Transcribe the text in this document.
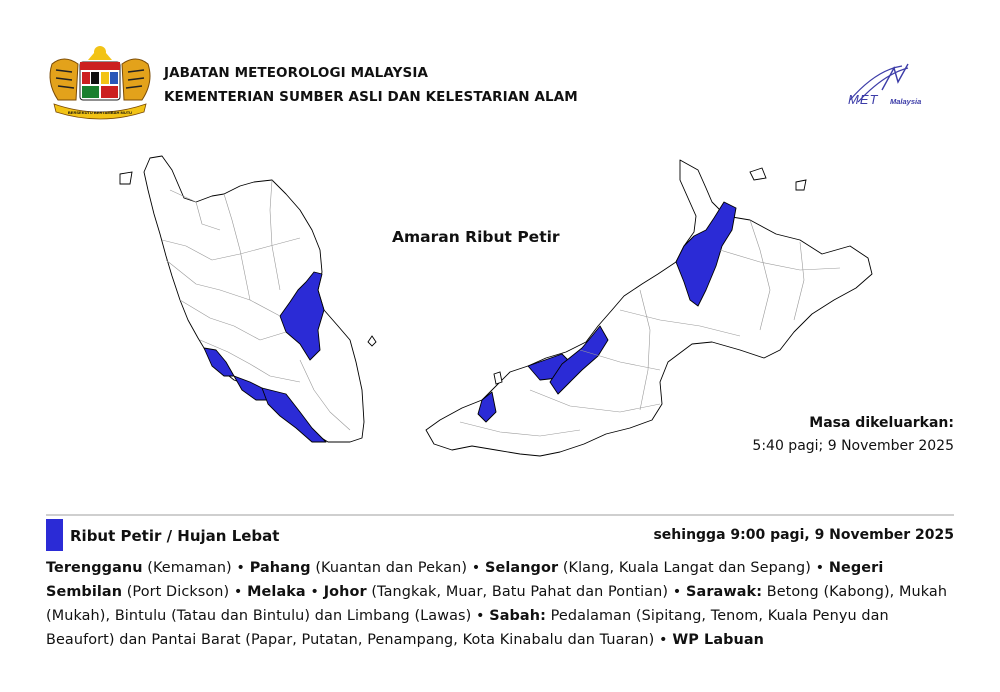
BERSEKUTU BERTAMBAH MUTU
JABATAN METEOROLOGI MALAYSIA
KEMENTERIAN SUMBER ASLI DAN KELESTARIAN ALAM	MET Malaysia
Amaran Ribut Petir
Masa dikeluarkan:
5:40 pagi; 9 November 2025
Ribut Petir / Hujan Lebat	sehingga 9:00 pagi, 9 November 2025
Terengganu (Kemaman) • Pahang (Kuantan dan Pekan) • Selangor (Klang, Kuala Langat dan Sepang) • Negeri Sembilan (Port Dickson) • Melaka • Johor (Tangkak, Muar, Batu Pahat dan Pontian) • Sarawak: Betong (Kabong), Mukah (Mukah), Bintulu (Tatau dan Bintulu) dan Limbang (Lawas) • Sabah: Pedalaman (Sipitang, Tenom, Kuala Penyu dan Beaufort) dan Pantai Barat (Papar, Putatan, Penampang, Kota Kinabalu dan Tuaran) • WP Labuan
